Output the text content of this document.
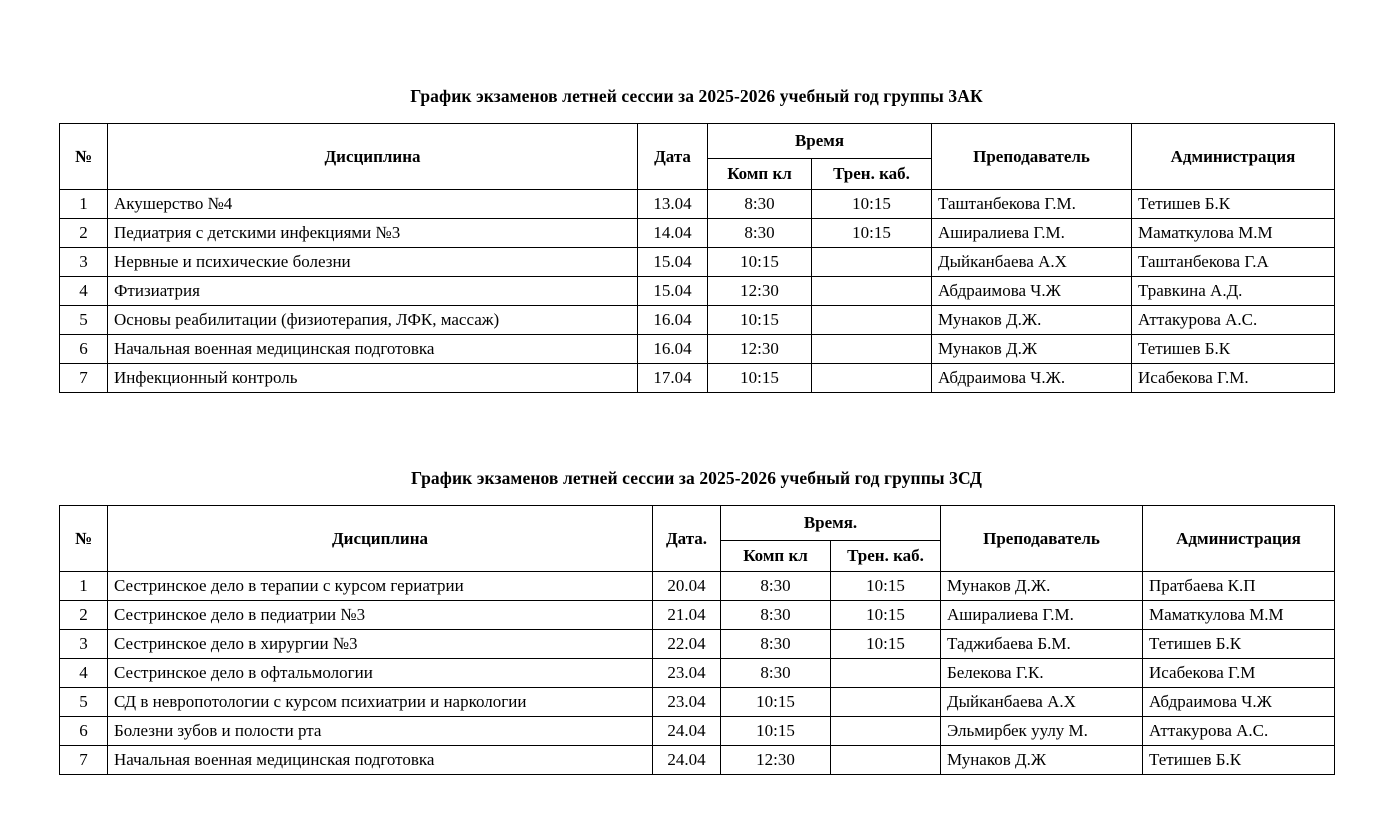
График экзаменов летней сессии за 2025-2026 учебный год группы 3АК
№	Дисциплина	Дата	Время		Преподаватель	Администрация
			Комп кл	Трен. каб.		
1	Акушерство №4	13.04	8:30	10:15	Таштанбекова Г.М.	Тетишев Б.К
2	Педиатрия с детскими инфекциями №3	14.04	8:30	10:15	Аширалиева Г.М.	Маматкулова М.М
3	Нервные и психические болезни	15.04	10:15		Дыйканбаева А.Х	Таштанбекова Г.А
4	Фтизиатрия	15.04	12:30		Абдраимова Ч.Ж	Травкина А.Д.
5	Основы реабилитации (физиотерапия, ЛФК, массаж)	16.04	10:15		Мунаков Д.Ж.	Аттакурова А.С.
6	Начальная военная медицинская подготовка	16.04	12:30		Мунаков Д.Ж	Тетишев Б.К
7	Инфекционный контроль	17.04	10:15		Абдраимова Ч.Ж.	Исабекова Г.М.
График экзаменов летней сессии за 2025-2026 учебный год группы 3СД
№	Дисциплина	Дата.	Время.		Преподаватель	Администрация
			Комп кл	Трен. каб.		
1	Сестринское дело в терапии с курсом гериатрии	20.04	8:30	10:15	Мунаков Д.Ж.	Пратбаева К.П
2	Сестринское дело в педиатрии №3	21.04	8:30	10:15	Аширалиева Г.М.	Маматкулова М.М
3	Сестринское дело в хирургии №3	22.04	8:30	10:15	Таджибаева Б.М.	Тетишев Б.К
4	Сестринское дело в офтальмологии	23.04	8:30		Белекова Г.К.	Исабекова Г.М
5	СД в невропотологии с курсом психиатрии и наркологии	23.04	10:15		Дыйканбаева А.Х	Абдраимова Ч.Ж
6	Болезни зубов и полости рта	24.04	10:15		Эльмирбек уулу М.	Аттакурова А.С.
7	Начальная военная медицинская подготовка	24.04	12:30		Мунаков Д.Ж	Тетишев Б.К
